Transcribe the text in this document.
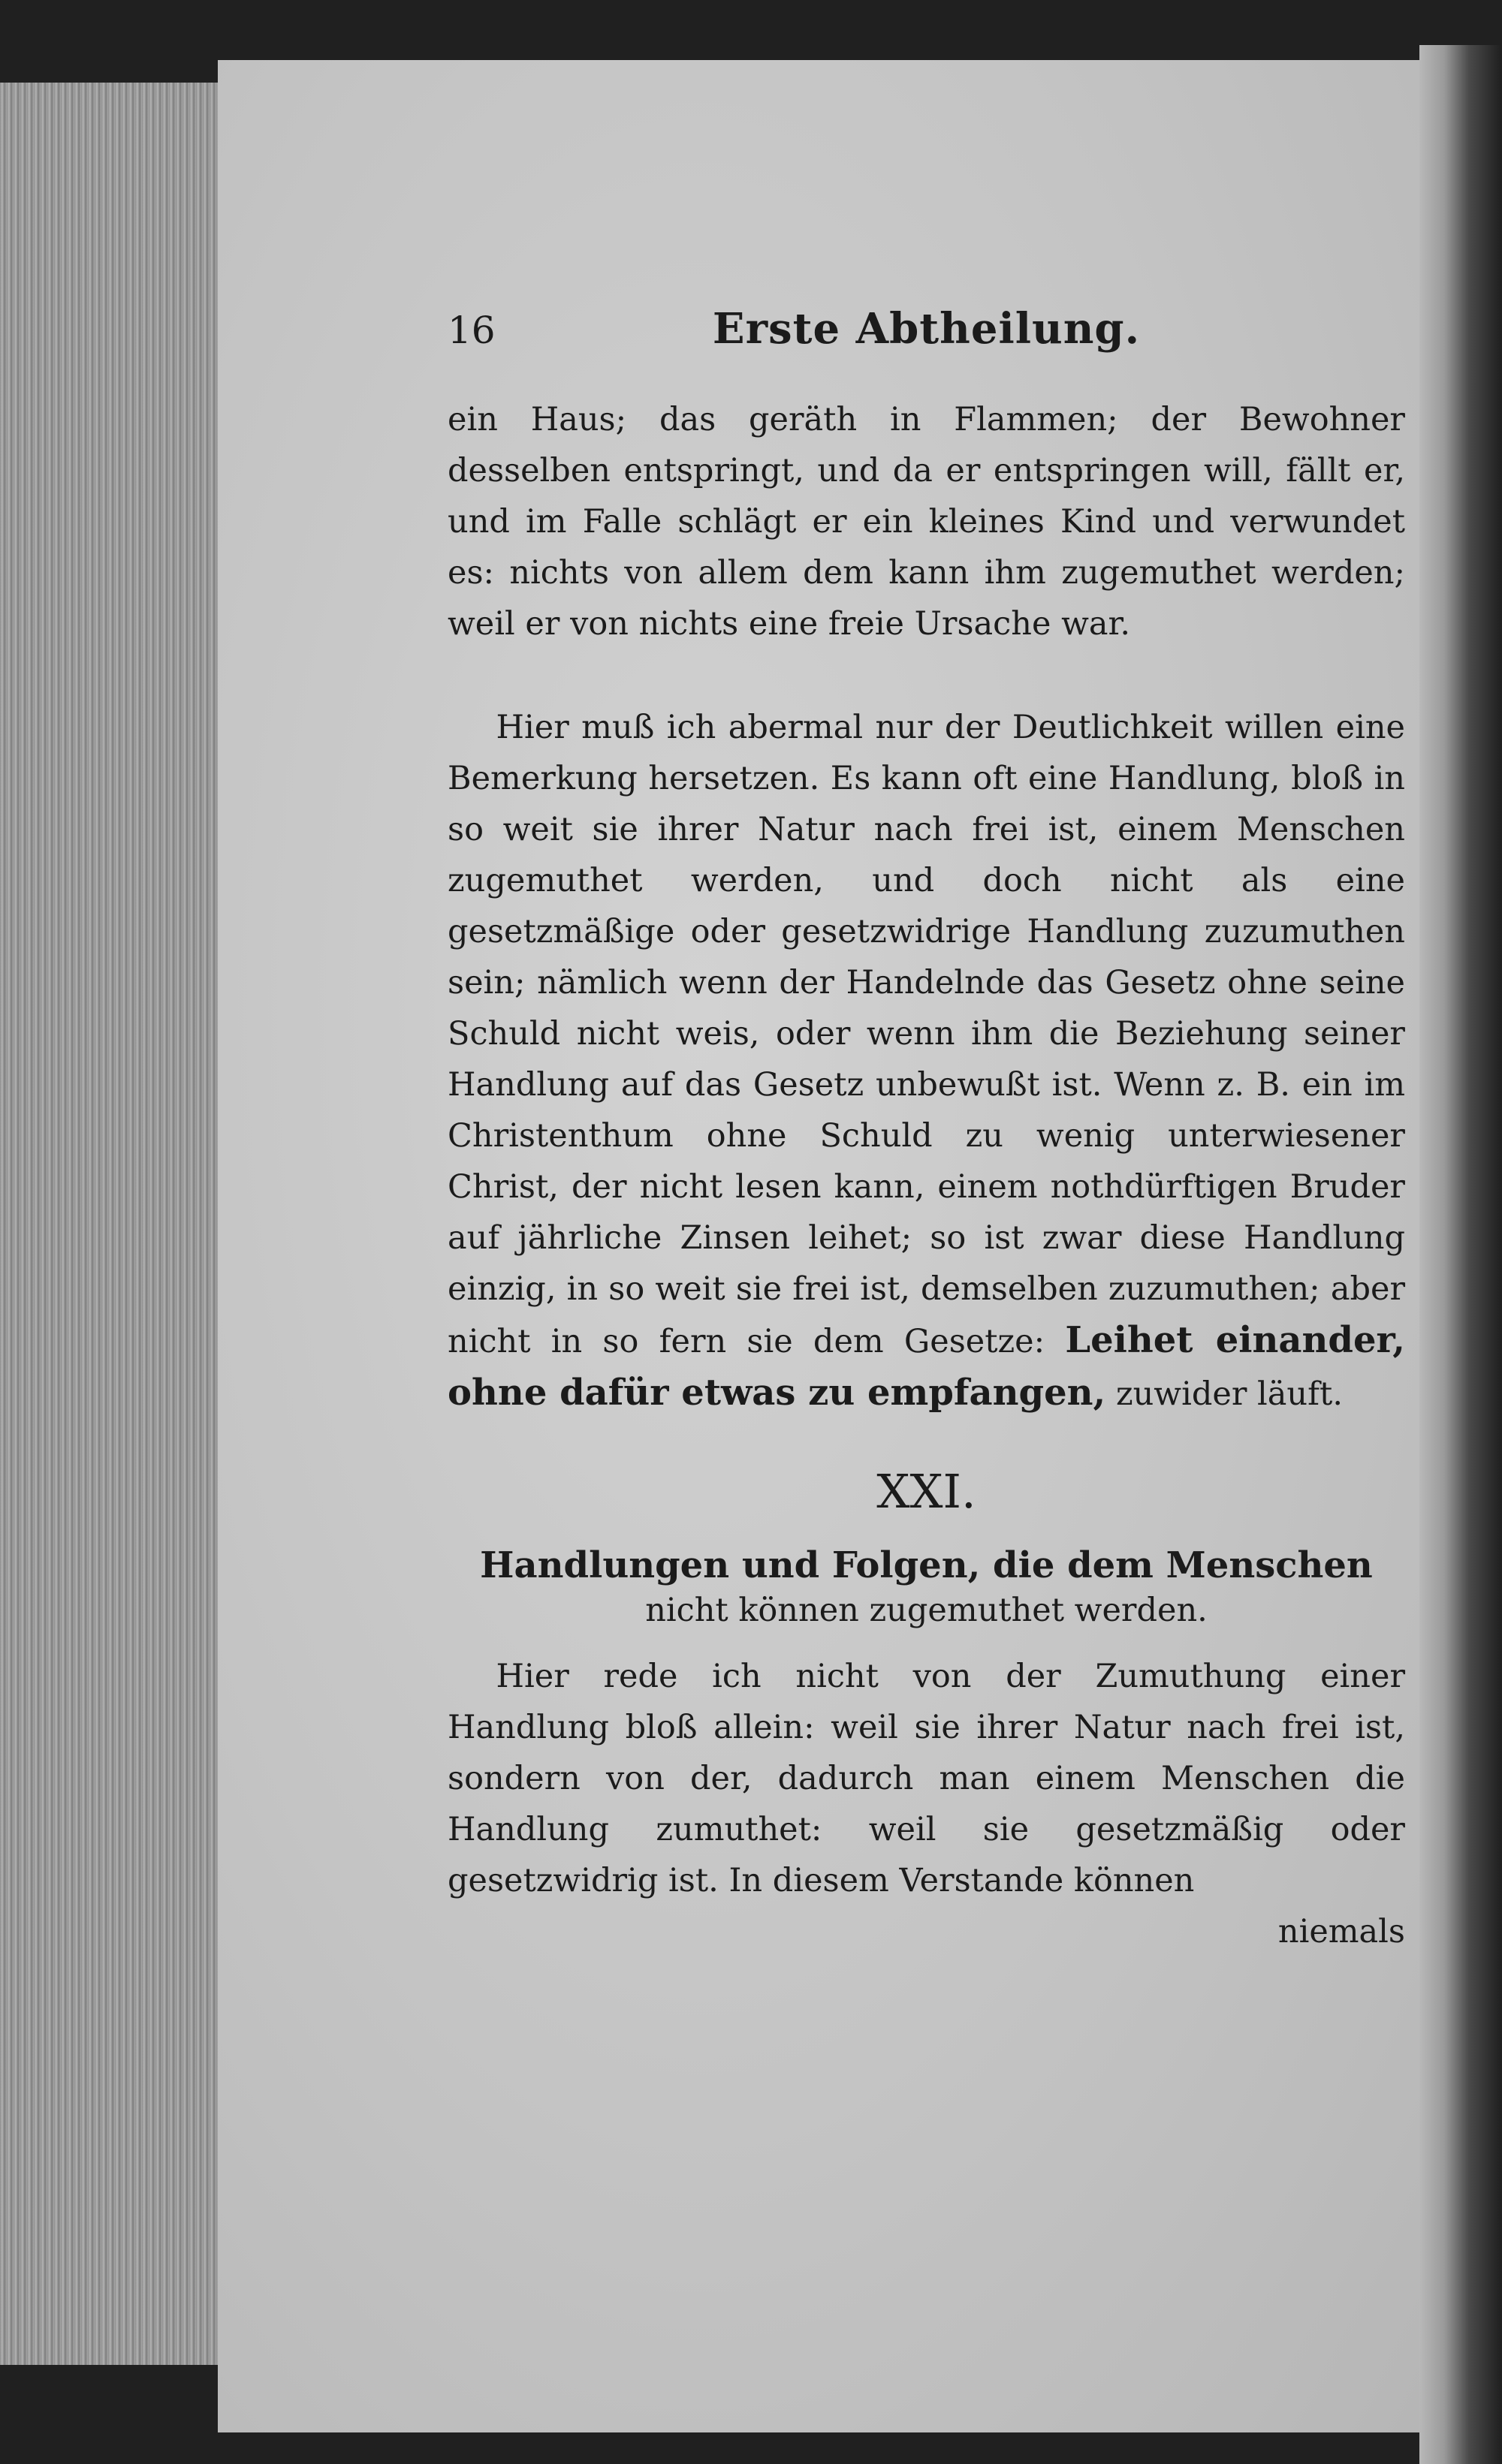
16	Erste Abtheilung.

ein Haus; das geräth in Flammen; der Bewohner desselben entspringt, und da er entspringen will, fällt er, und im Falle schlägt er ein kleines Kind und verwundet es: nichts von allem dem kann ihm zugemuthet werden; weil er von nichts eine freie Ursache war.

Hier muß ich abermal nur der Deutlichkeit willen eine Bemerkung hersetzen. Es kann oft eine Handlung, bloß in so weit sie ihrer Natur nach frei ist, einem Menschen zugemuthet werden, und doch nicht als eine gesetzmäßige oder gesetzwidrige Handlung zuzumuthen sein; nämlich wenn der Handelnde das Gesetz ohne seine Schuld nicht weis, oder wenn ihm die Beziehung seiner Handlung auf das Gesetz unbewußt ist. Wenn z. B. ein im Christenthum ohne Schuld zu wenig unterwiesener Christ, der nicht lesen kann, einem nothdürftigen Bruder auf jährliche Zinsen leihet; so ist zwar diese Handlung einzig, in so weit sie frei ist, demselben zuzumuthen; aber nicht in so fern sie dem Gesetze: Leihet einander, ohne dafür etwas zu empfangen, zuwider läuft.

XXI.
Handlungen und Folgen, die dem Menschen
nicht können zugemuthet werden.

Hier rede ich nicht von der Zumuthung einer Handlung bloß allein: weil sie ihrer Natur nach frei ist, sondern von der, dadurch man einem Menschen die Handlung zumuthet: weil sie gesetzmäßig oder gesetzwidrig ist. In diesem Verstande können

niemals
